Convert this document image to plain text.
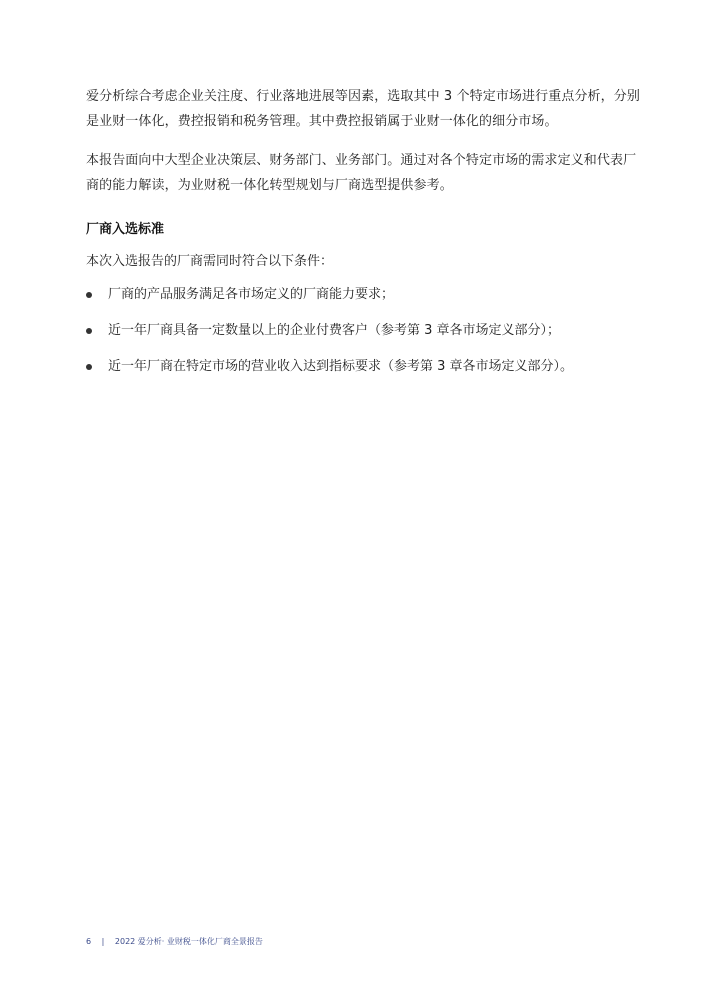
爱分析综合考虑企业关注度、行业落地进展等因素，选取其中 3 个特定市场进行重点分析，分别是业财一体化，费控报销和税务管理。其中费控报销属于业财一体化的细分市场。

本报告面向中大型企业决策层、财务部门、业务部门。通过对各个特定市场的需求定义和代表厂商的能力解读，为业财税一体化转型规划与厂商选型提供参考。

厂商入选标准

本次入选报告的厂商需同时符合以下条件：

厂商的产品服务满足各市场定义的厂商能力要求；
近一年厂商具备一定数量以上的企业付费客户（参考第 3 章各市场定义部分）；
近一年厂商在特定市场的营业收入达到指标要求（参考第 3 章各市场定义部分）。
6 | 2022 爱分析· 业财税一体化厂商全景报告
